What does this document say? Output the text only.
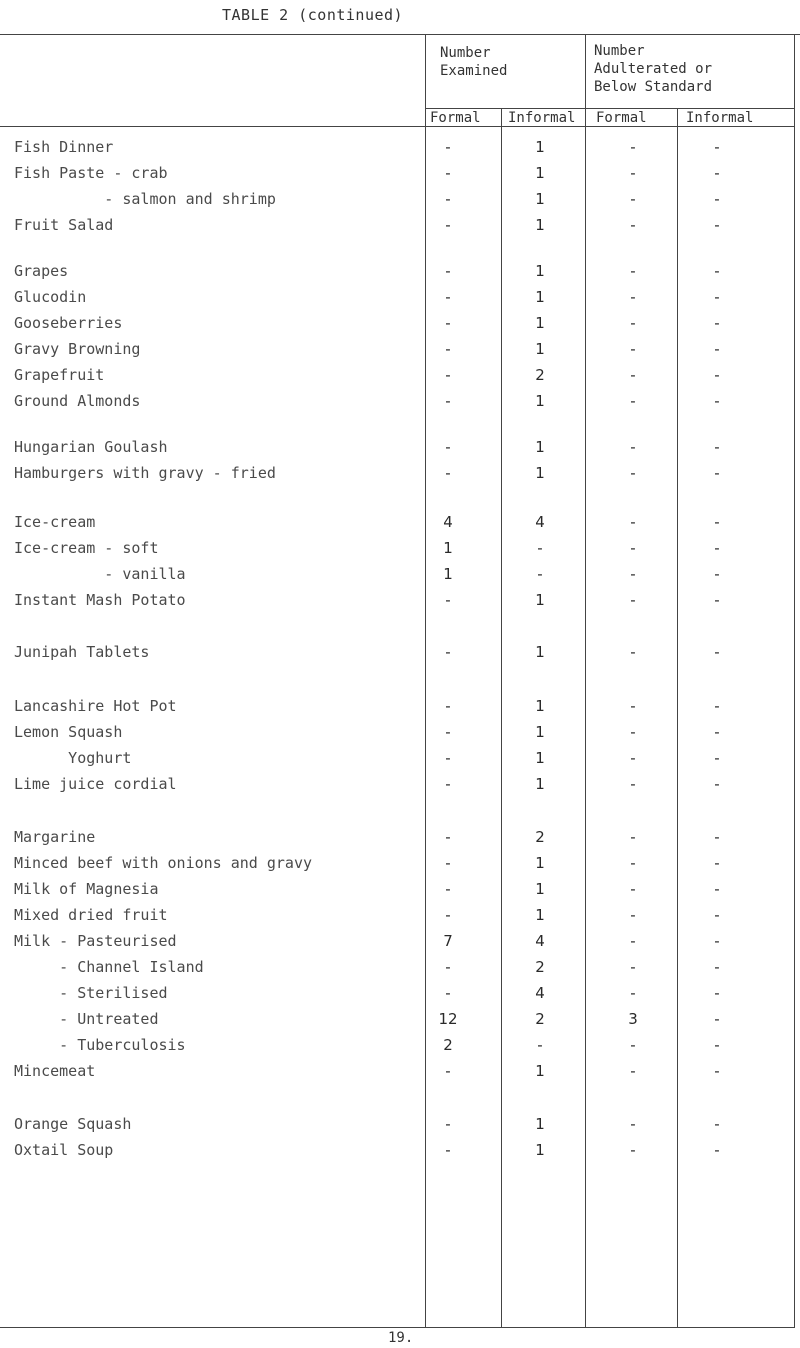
TABLE 2 (continued)
Number
Examined
Number
Adulterated or
Below Standard
Formal Informal Formal	Informal
Fish Dinner	-	1	-	-
Fish Paste - crab	-	1	-	-
- salmon and shrimp	-	1	-	-
Fruit Salad	-	1	-	-
Grapes	-	1	-	-
Glucodin	-	1	-	-
Gooseberries	-	1	-	-
Gravy Browning	-	1	-	-
Grapefruit	-	2	-	-
Ground Almonds	-	1	-	-
Hungarian Goulash	-	1	-	-
Hamburgers with gravy - fried	-	1	-	-
Ice-cream	4	4	-	-
Ice-cream - soft	1	-	-	-
- vanilla	1	-	-	-
Instant Mash Potato	-	1	-	-
Junipah Tablets	-	1	-	-
Lancashire Hot Pot	-	1	-	-
Lemon Squash	-	1	-	-
Yoghurt	-	1	-	-
Lime juice cordial	-	1	-	-
Margarine	-	2	-	-
Minced beef with onions and gravy	-	1	-	-
Milk of Magnesia	-	1	-	-
Mixed dried fruit	-	1	-	-
Milk - Pasteurised	7	4	-	-
- Channel Island	-	2	-	-
- Sterilised	-	4	-	-
- Untreated	12	2	3	-
- Tuberculosis	2	-	-	-
Mincemeat	-	1	-	-
Orange Squash	-	1	-	-
Oxtail Soup	-	1	-	-
19.
